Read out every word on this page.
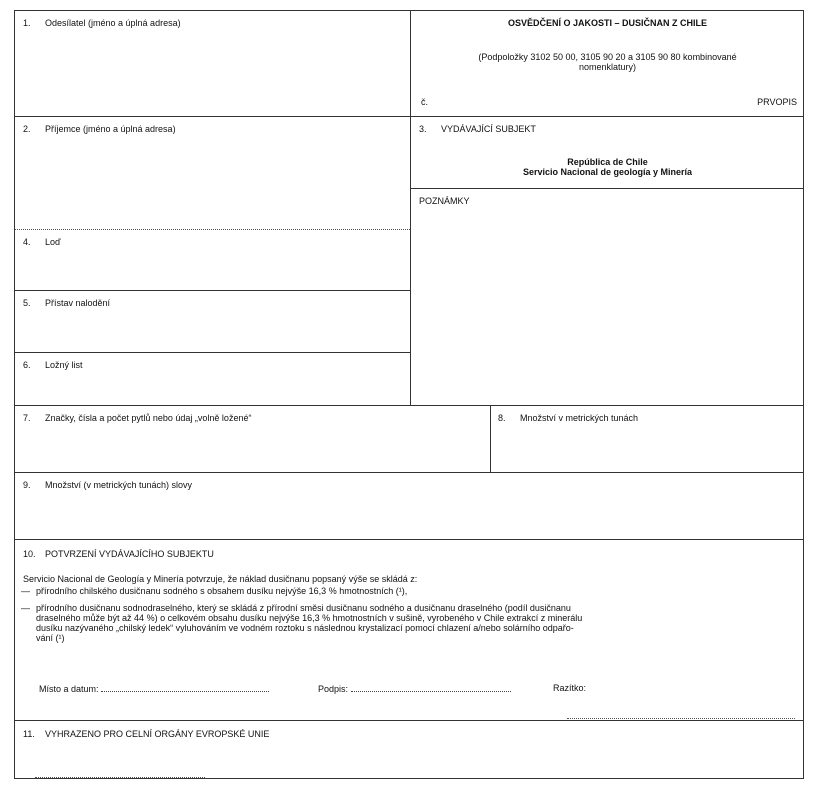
1. Odesílatel (jméno a úplná adresa)	OSVĚDČENÍ O JAKOSTI – DUSIČNAN Z CHILE
(Podpoložky 3102 50 00, 3105 90 20 a 3105 90 80 kombinované
nomenklatury)
č.	PRVOPIS
2. Příjemce (jméno a úplná adresa)	3. VYDÁVAJÍCÍ SUBJEKT
República de Chile
Servicio Nacional de geología y Minería
POZNÁMKY
4. Loď
5. Přístav nalodění
6. Ložný list
7. Značky, čísla a počet pytlů nebo údaj „volně ložené“	8. Množství v metrických tunách
9. Množství (v metrických tunách) slovy
10. POTVRZENÍ VYDÁVAJÍCÍHO SUBJEKTU
Servicio Nacional de Geología y Minería potvrzuje, že náklad dusičnanu popsaný výše se skládá z:
— přírodního chilského dusičnanu sodného s obsahem dusíku nejvýše 16,3 % hmotnostních (¹),
— přírodního dusičnanu sodnodraselného, který se skládá z přírodní směsi dusičnanu sodného a dusičnanu draselného (podíl dusičnanu
draselného může být až 44 %) o celkovém obsahu dusíku nejvýše 16,3 % hmotnostních v sušině, vyrobeného v Chile extrakcí z minerálu
dusíku nazývaného „chilský ledek“ vyluhováním ve vodném roztoku s následnou krystalizací pomocí chlazení a/nebo solárního odpařo-
vání (¹)
Místo a datum:	Podpis:	Razítko:
11. VYHRAZENO PRO CELNÍ ORGÁNY EVROPSKÉ UNIE
